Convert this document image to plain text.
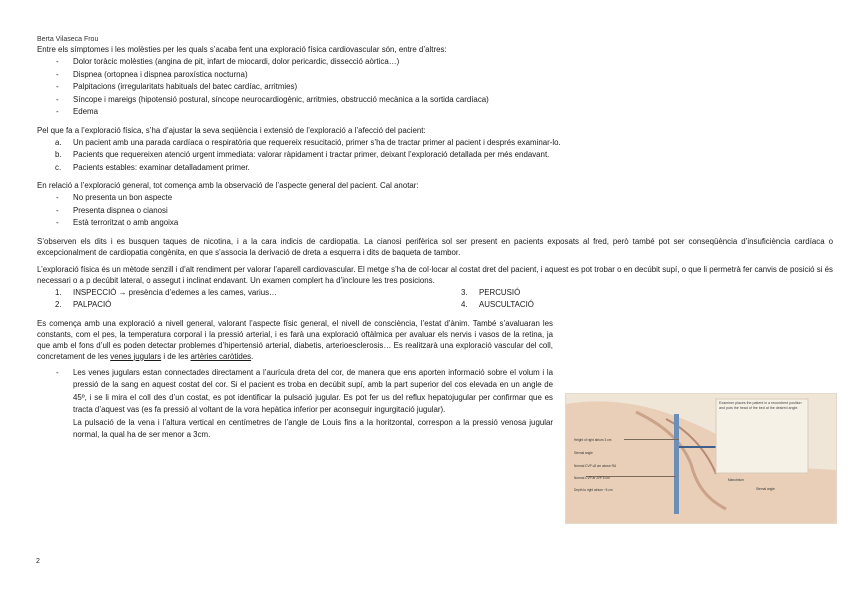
Berta Vilaseca Frou

Entre els símptomes i les molèsties per les quals s’acaba fent una exploració física cardiovascular són, entre d’altres:

- Dolor toràcic molèsties (angina de pit, infart de miocardi, dolor pericardic, dissecció aòrtica…)
- Dispnea (ortopnea i dispnea paroxística nocturna)
- Palpitacions (irregularitats habituals del batec cardíac, arritmies)
- Síncope i mareigs (hipotensió postural, síncope neurocardiogènic, arritmies, obstrucció mecànica a la sortida cardíaca)
- Edema

Pel que fa a l’exploració física, s’ha d’ajustar la seva seqüència i extensió de l’exploració a l’afecció del pacient:

a. Un pacient amb una parada cardíaca o respiratòria que requereix resucitació, primer s’ha de tractar primer al pacient i després examinar-lo.
b. Pacients que requereixen atenció urgent immediata: valorar ràpidament i tractar primer, deixant l’exploració detallada per més endavant.
c. Pacients estables: examinar detalladament primer.

En relació a l’exploració general, tot comença amb la observació de l’aspecte general del pacient. Cal anotar:

- No presenta un bon aspecte
- Presenta dispnea o cianosi
- Està terroritzat o amb angoixa

S’observen els dits i es busquen taques de nicotina, i a la cara indicis de cardiopatia. La cianosi perifèrica sol ser present en pacients exposats al fred, però també pot ser conseqüència d’insuficiència cardíaca o excepcionalment de cardiopatia congènita, en que s’associa la derivació de dreta a esquerra i dits de baqueta de tambor.

L’exploració física és un mètode senzill i d’alt rendiment per valorar l’aparell cardiovascular. El metge s’ha de col·locar al costat dret del pacient, i aquest es pot trobar o en decúbit supí, o que li permetrà fer canvis de posició si és necessari o a p decúbit lateral, o assegut i inclinat endavant. Un examen complert ha d’incloure les tres posicions.

1. INSPECCIÓ → presència d’edemes a les cames, varius…
2. PALPACIÓ
3. PERCUSIÓ
4. AUSCULTACIÓ

Es comença amb una exploració a nivell general, valorant l’aspecte físic general, el nivell de consciència, l’estat d’ànim. També s’avaluaran les constants, com el pes, la temperatura corporal i la pressió arterial, i es farà una exploració oftàlmica per avaluar els nervis i vasos de la retina, ja que amb el fons d’ull es poden detectar problemes d’hipertensió arterial, diabetis, arterioesclerosis… Es realitzarà una exploració vascular del coll, concretament de les venes jugulars i de les artèries caròtides.

- Les venes jugulars estan connectades directament a l’aurícula dreta del cor, de manera que ens aporten informació sobre el volum i la pressió de la sang en aquest costat del cor. Si el pacient es troba en decúbit supí, amb la part superior del cos elevada en un angle de 45º, i se li mira el coll des d’un costat, es pot identificar la pulsació jugular. Es pot fer us del reflux hepatojugular per confirmar que es tracta d’aquest vas (es fa pressió al voltant de la vora hepàtica inferior per aconseguir ingurgitació jugular).
La pulsació de la vena i l’altura vertical en centímetres de l’angle de Louis fins a la horitzontal, correspon a la pressió venosa jugular normal, la qual ha de ser menor a 3cm.
Height of right atrium 3 cm
Sternal angle
Normal CVP ≤8 cm above RA
Normal CVP at JVP 5 cm
Depth to right atrium ~5 cm
Manubrium
Sternal angle
Examiner places the patient in a recumbent position and puts the head of the bed at the desired angle.
2
